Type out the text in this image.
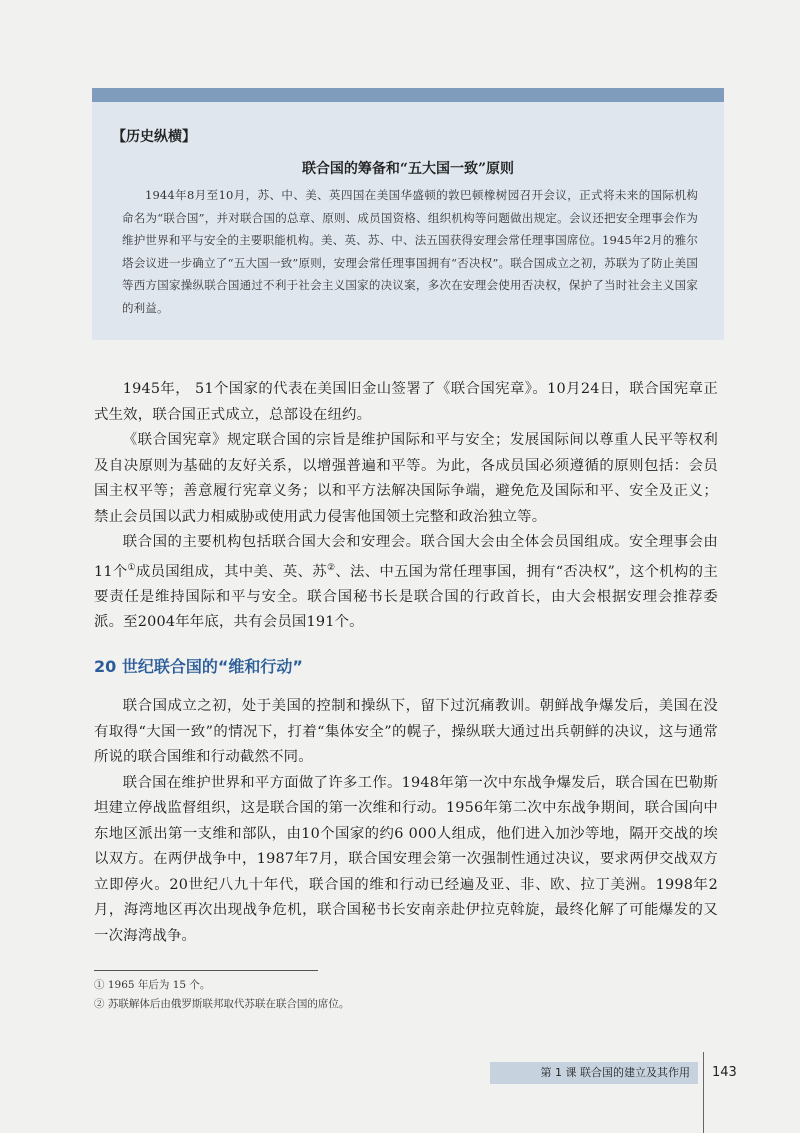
【历史纵横】
联合国的筹备和“五大国一致”原则
1944年8月至10月，苏、中、美、英四国在美国华盛顿的敦巴顿橡树园召开会议，正式将未来的国际机构命名为“联合国”，并对联合国的总章、原则、成员国资格、组织机构等问题做出规定。会议还把安全理事会作为维护世界和平与安全的主要职能机构。美、英、苏、中、法五国获得安理会常任理事国席位。1945年2月的雅尔塔会议进一步确立了“五大国一致”原则，安理会常任理事国拥有“否决权”。联合国成立之初，苏联为了防止美国等西方国家操纵联合国通过不利于社会主义国家的决议案，多次在安理会使用否决权，保护了当时社会主义国家的利益。

1945年， 51个国家的代表在美国旧金山签署了《联合国宪章》。10月24日，联合国宪章正式生效，联合国正式成立，总部设在纽约。

《联合国宪章》规定联合国的宗旨是维护国际和平与安全；发展国际间以尊重人民平等权利及自决原则为基础的友好关系，以增强普遍和平等。为此，各成员国必须遵循的原则包括：会员国主权平等；善意履行宪章义务；以和平方法解决国际争端，避免危及国际和平、安全及正义；禁止会员国以武力相威胁或使用武力侵害他国领土完整和政治独立等。

联合国的主要机构包括联合国大会和安理会。联合国大会由全体会员国组成。安全理事会由11个①成员国组成，其中美、英、苏②、法、中五国为常任理事国，拥有“否决权”，这个机构的主要责任是维持国际和平与安全。联合国秘书长是联合国的行政首长，由大会根据安理会推荐委派。至2004年年底，共有会员国191个。

20 世纪联合国的“维和行动”

联合国成立之初，处于美国的控制和操纵下，留下过沉痛教训。朝鲜战争爆发后，美国在没有取得“大国一致”的情况下，打着“集体安全”的幌子，操纵联大通过出兵朝鲜的决议，这与通常所说的联合国维和行动截然不同。

联合国在维护世界和平方面做了许多工作。1948年第一次中东战争爆发后，联合国在巴勒斯坦建立停战监督组织，这是联合国的第一次维和行动。1956年第二次中东战争期间，联合国向中东地区派出第一支维和部队，由10个国家的约6 000人组成，他们进入加沙等地，隔开交战的埃以双方。在两伊战争中，1987年7月，联合国安理会第一次强制性通过决议，要求两伊交战双方立即停火。20世纪八九十年代，联合国的维和行动已经遍及亚、非、欧、拉丁美洲。1998年2月，海湾地区再次出现战争危机，联合国秘书长安南亲赴伊拉克斡旋，最终化解了可能爆发的又一次海湾战争。

① 1965 年后为 15 个。
② 苏联解体后由俄罗斯联邦取代苏联在联合国的席位。
第 1 课 联合国的建立及其作用	143
